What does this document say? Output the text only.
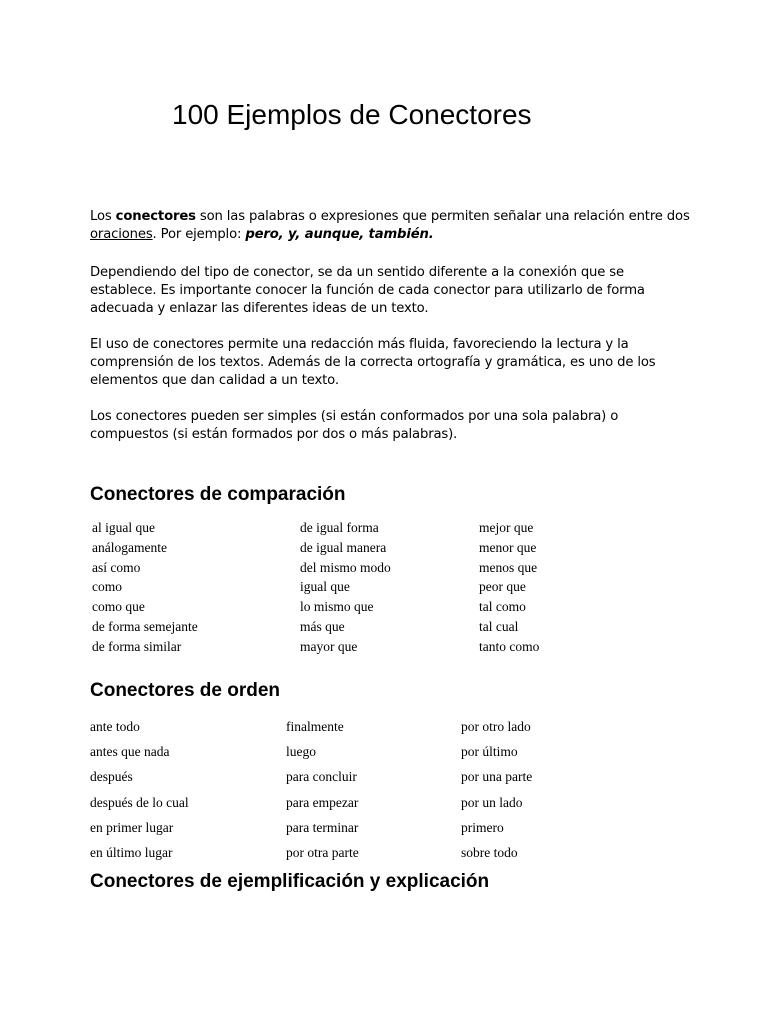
100 Ejemplos de Conectores

Los conectores son las palabras o expresiones que permiten señalar una relación entre dos oraciones. Por ejemplo: pero, y, aunque, también.

Dependiendo del tipo de conector, se da un sentido diferente a la conexión que se establece. Es importante conocer la función de cada conector para utilizarlo de forma adecuada y enlazar las diferentes ideas de un texto.

El uso de conectores permite una redacción más fluida, favoreciendo la lectura y la comprensión de los textos. Además de la correcta ortografía y gramática, es uno de los elementos que dan calidad a un texto.

Los conectores pueden ser simples (si están conformados por una sola palabra) o compuestos (si están formados por dos o más palabras).

Conectores de comparación
al igual que
análogamente
así como
como
como que
de forma semejante
de forma similar
de igual forma
de igual manera
del mismo modo
igual que
lo mismo que
más que
mayor que
mejor que
menor que
menos que
peor que
tal como
tal cual
tanto como
Conectores de orden
ante todo
antes que nada
después
después de lo cual
en primer lugar
en último lugar
finalmente
luego
para concluir
para empezar
para terminar
por otra parte
por otro lado
por último
por una parte
por un lado
primero
sobre todo
Conectores de ejemplificación y explicación
